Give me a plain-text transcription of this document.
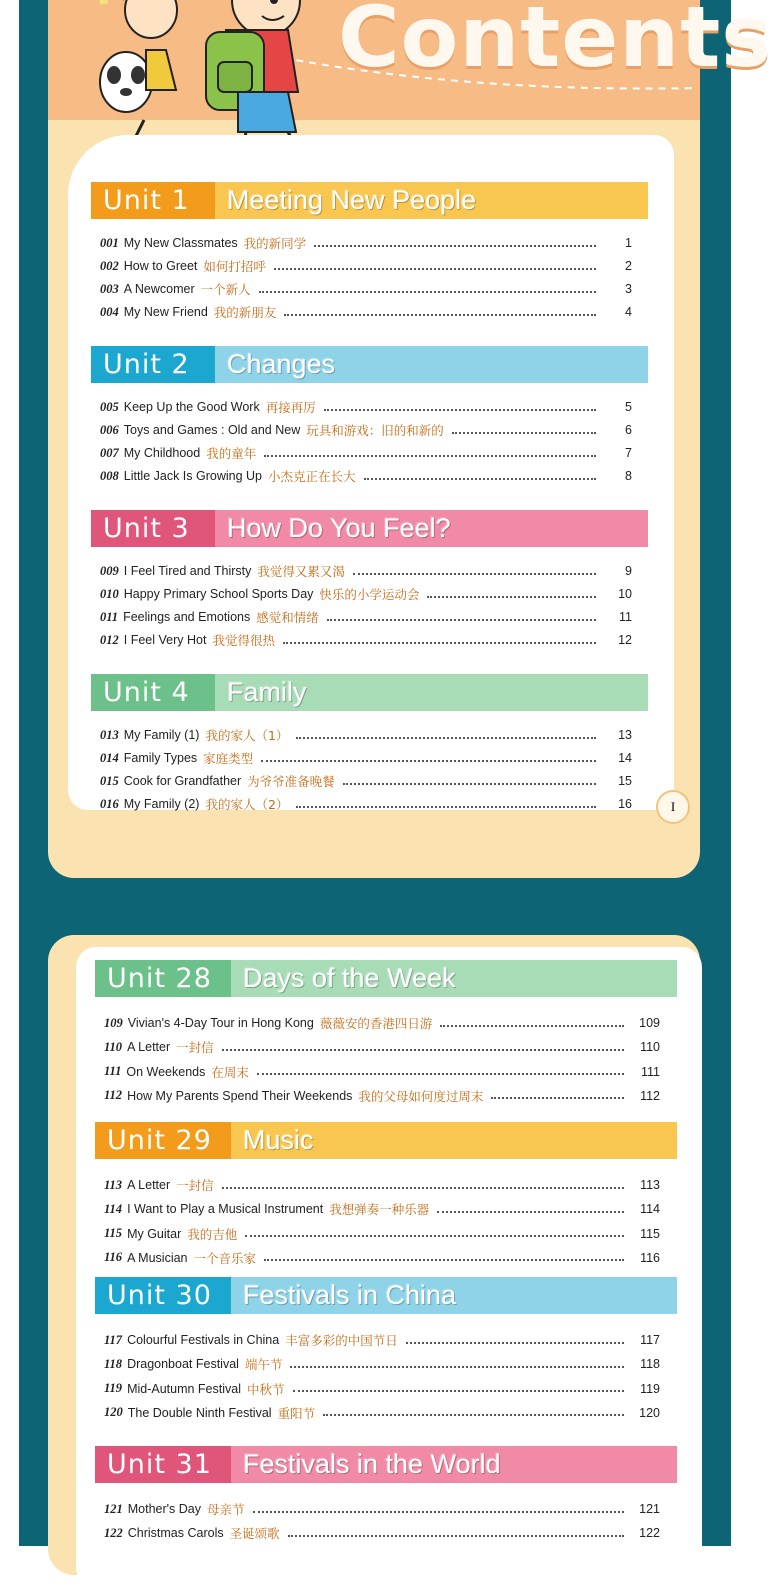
Contents
I
Unit 1	Meeting New People
001 My New Classmates 我的新同学	1
002 How to Greet 如何打招呼	2
003 A Newcomer 一个新人	3
004 My New Friend 我的新朋友	4
Unit 2	Changes
005 Keep Up the Good Work 再接再厉	5
006 Toys and Games : Old and New 玩具和游戏：旧的和新的	6
007 My Childhood 我的童年	7
008 Little Jack Is Growing Up 小杰克正在长大	8
Unit 3	How Do You Feel?
009 I Feel Tired and Thirsty 我觉得又累又渴	9
010 Happy Primary School Sports Day 快乐的小学运动会	10
011 Feelings and Emotions 感觉和情绪	11
012 I Feel Very Hot 我觉得很热	12
Unit 4	Family
013 My Family (1) 我的家人（1）	13
014 Family Types 家庭类型	14
015 Cook for Grandfather 为爷爷准备晚餐	15
016 My Family (2) 我的家人（2）	16
Unit 28	Days of the Week
109 Vivian's 4-Day Tour in Hong Kong 薇薇安的香港四日游	109
110 A Letter 一封信	110
111 On Weekends 在周末	111
112 How My Parents Spend Their Weekends 我的父母如何度过周末	112
Unit 29	Music
113 A Letter 一封信	113
114 I Want to Play a Musical Instrument 我想弹奏一种乐器	114
115 My Guitar 我的吉他	115
116 A Musician 一个音乐家	116
Unit 30	Festivals in China
117 Colourful Festivals in China 丰富多彩的中国节日	117
118 Dragonboat Festival 端午节	118
119 Mid-Autumn Festival 中秋节	119
120 The Double Ninth Festival 重阳节	120
Unit 31	Festivals in the World
121 Mother's Day 母亲节	121
122 Christmas Carols 圣诞颂歌	122
